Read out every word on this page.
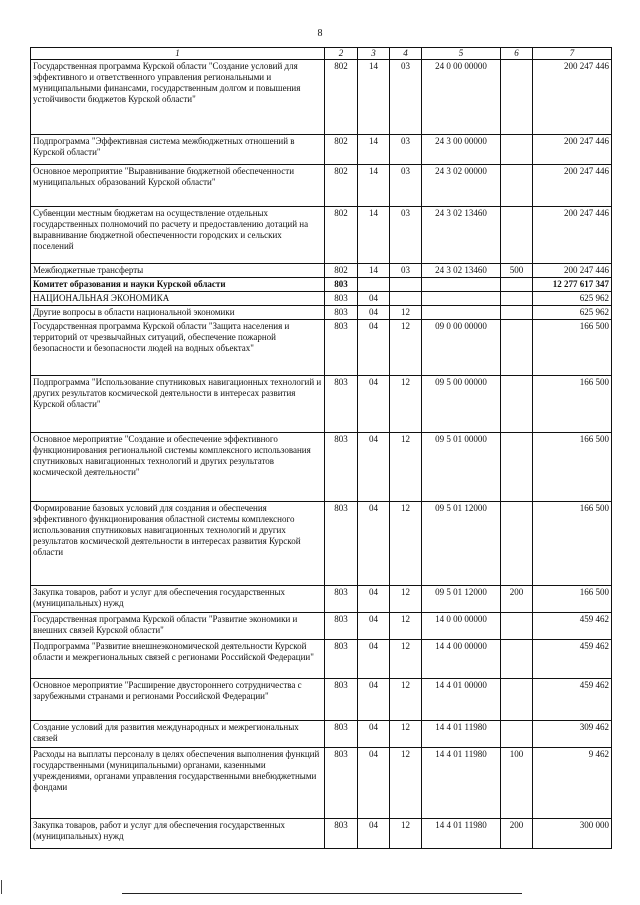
8
1	2	3	4	5	6	7
Государственная программа Курской области "Создание условий для эффективного и ответственного управления региональными и муниципальными финансами, государственным долгом и повышения устойчивости бюджетов Курской области"	802	14	03	24 0 00 00000		200 247 446
Подпрограмма "Эффективная система межбюджетных отношений в Курской области"	802	14	03	24 3 00 00000		200 247 446
Основное мероприятие "Выравнивание бюджетной обеспеченности муниципальных образований Курской области"	802	14	03	24 3 02 00000		200 247 446
Субвенции местным бюджетам на осуществление отдельных государственных полномочий по расчету и предоставлению дотаций на выравнивание бюджетной обеспеченности городских и сельских поселений	802	14	03	24 3 02 13460		200 247 446
Межбюджетные трансферты	802	14	03	24 3 02 13460	500	200 247 446
Комитет образования и науки Курской области	803					12 277 617 347
НАЦИОНАЛЬНАЯ ЭКОНОМИКА	803	04				625 962
Другие вопросы в области национальной экономики	803	04	12			625 962
Государственная программа Курской области "Защита населения и территорий от чрезвычайных ситуаций, обеспечение пожарной безопасности и безопасности людей на водных объектах"	803	04	12	09 0 00 00000		166 500
Подпрограмма "Использование спутниковых навигационных технологий и других результатов космической деятельности в интересах развития Курской области"	803	04	12	09 5 00 00000		166 500
Основное мероприятие "Создание и обеспечение эффективного функционирования региональной системы комплексного использования спутниковых навигационных технологий и других результатов космической деятельности"	803	04	12	09 5 01 00000		166 500
Формирование базовых условий для создания и обеспечения эффективного функционирования областной системы комплексного использования спутниковых навигационных технологий и других результатов космической деятельности в интересах развития Курской области	803	04	12	09 5 01 12000		166 500
Закупка товаров, работ и услуг для обеспечения государственных (муниципальных) нужд	803	04	12	09 5 01 12000	200	166 500
Государственная программа Курской области "Развитие экономики и внешних связей Курской области"	803	04	12	14 0 00 00000		459 462
Подпрограмма "Развитие внешнеэкономической деятельности Курской области и межрегиональных связей с регионами Российской Федерации"	803	04	12	14 4 00 00000		459 462
Основное мероприятие "Расширение двустороннего сотрудничества с зарубежными странами и регионами Российской Федерации"	803	04	12	14 4 01 00000		459 462
Создание условий для развития международных и межрегиональных связей	803	04	12	14 4 01 11980		309 462
Расходы на выплаты персоналу в целях обеспечения выполнения функций государственными (муниципальными) органами, казенными учреждениями, органами управления государственными внебюджетными фондами	803	04	12	14 4 01 11980	100	9 462
Закупка товаров, работ и услуг для обеспечения государственных (муниципальных) нужд	803	04	12	14 4 01 11980	200	300 000
